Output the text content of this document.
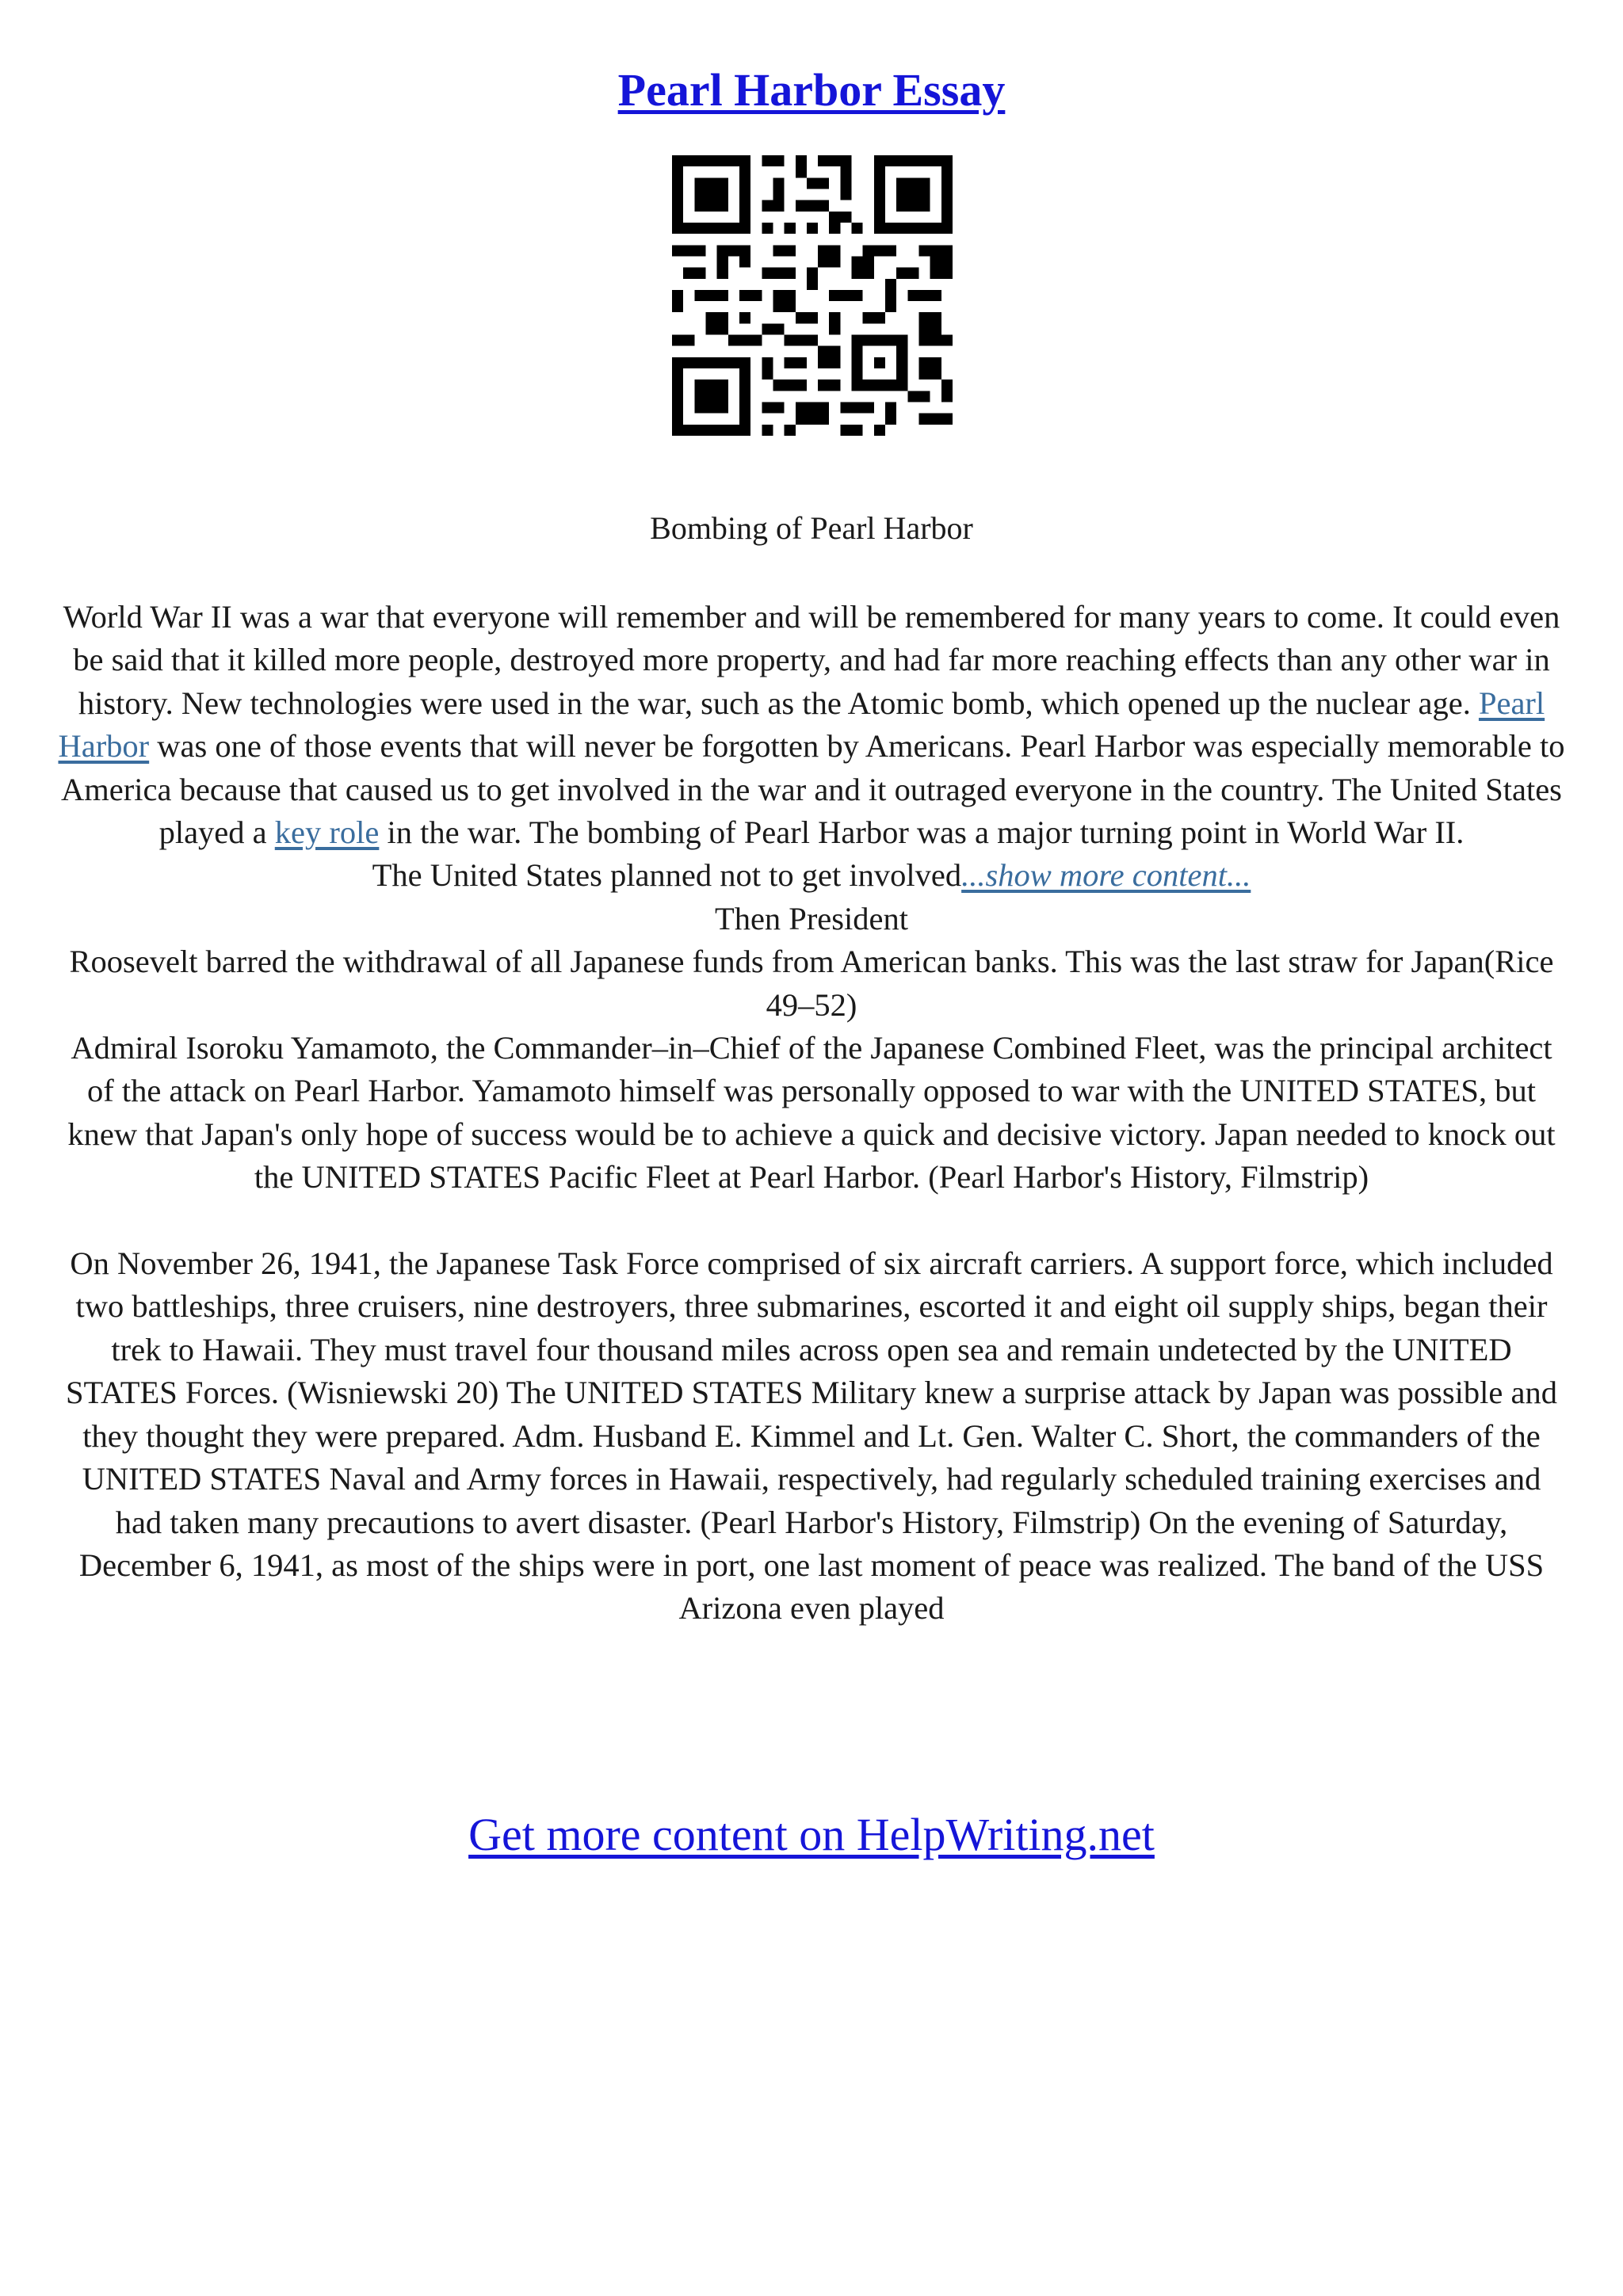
Pearl Harbor Essay
Bombing of Pearl Harbor

World War II was a war that everyone will remember and will be remembered for many years to come. It could even be said that it killed more people, destroyed more property, and had far more reaching effects than any other war in history. New technologies were used in the war, such as the Atomic bomb, which opened up the nuclear age. Pearl Harbor was one of those events that will never be forgotten by Americans. Pearl Harbor was especially memorable to America because that caused us to get involved in the war and it outraged everyone in the country. The United States played a key role in the war. The bombing of Pearl Harbor was a major turning point in World War II.

The United States planned not to get involved...show more content...

Then President

Roosevelt barred the withdrawal of all Japanese funds from American banks. This was the last straw for Japan(Rice 49–52)

Admiral Isoroku Yamamoto, the Commander–in–Chief of the Japanese Combined Fleet, was the principal architect of the attack on Pearl Harbor. Yamamoto himself was personally opposed to war with the UNITED STATES, but knew that Japan's only hope of success would be to achieve a quick and decisive victory. Japan needed to knock out the UNITED STATES Pacific Fleet at Pearl Harbor. (Pearl Harbor's History, Filmstrip)

On November 26, 1941, the Japanese Task Force comprised of six aircraft carriers. A support force, which included two battleships, three cruisers, nine destroyers, three submarines, escorted it and eight oil supply ships, began their trek to Hawaii. They must travel four thousand miles across open sea and remain undetected by the UNITED STATES Forces. (Wisniewski 20) The UNITED STATES Military knew a surprise attack by Japan was possible and they thought they were prepared. Adm. Husband E. Kimmel and Lt. Gen. Walter C. Short, the commanders of the UNITED STATES Naval and Army forces in Hawaii, respectively, had regularly scheduled training exercises and had taken many precautions to avert disaster. (Pearl Harbor's History, Filmstrip) On the evening of Saturday, December 6, 1941, as most of the ships were in port, one last moment of peace was realized. The band of the USS Arizona even played

Get more content on HelpWriting.net
